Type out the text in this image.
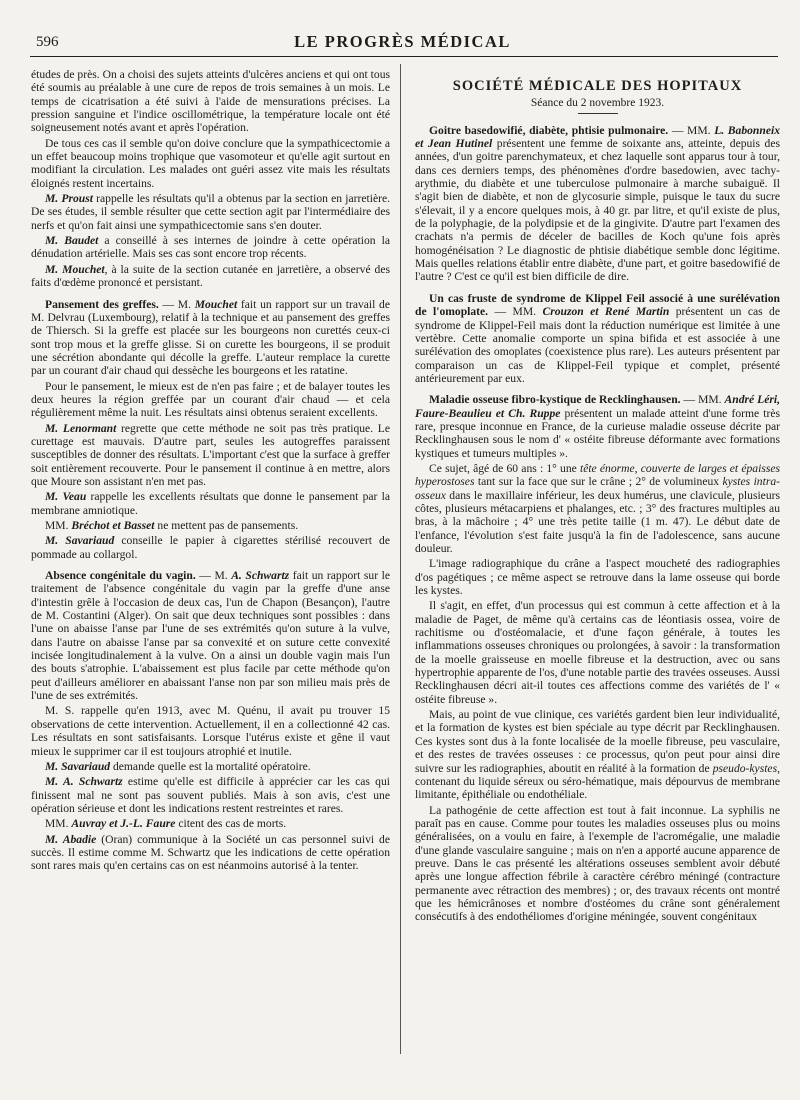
596	LE PROGRÈS MÉDICAL

études de près. On a choisi des sujets atteints d'ulcères anciens et qui ont tous été soumis au préalable à une cure de repos de trois semaines à un mois. Le temps de cicatrisation a été suivi à l'aide de mensurations précises. La pression sanguine et l'indice oscillométrique, la température locale ont été soigneusement notés avant et après l'opération.

De tous ces cas il semble qu'on doive conclure que la sympathicectomie a un effet beaucoup moins trophique que vasomoteur et qu'elle agit surtout en modifiant la circulation. Les malades ont guéri assez vite mais les résultats éloignés restent incertains.

M. Proust rappelle les résultats qu'il a obtenus par la section en jarretière. De ses études, il semble résulter que cette section agit par l'intermédiaire des nerfs et qu'on fait ainsi une sympathicectomie sans s'en douter.

M. Baudet a conseillé à ses internes de joindre à cette opération la dénudation artérielle. Mais ses cas sont encore trop récents.

M. Mouchet, à la suite de la section cutanée en jarretière, a observé des faits d'œdème prononcé et persistant.

Pansement des greffes. — M. Mouchet fait un rapport sur un travail de M. Delvrau (Luxembourg), relatif à la technique et au pansement des greffes de Thiersch. Si la greffe est placée sur les bourgeons non curettés ceux-ci sont trop mous et la greffe glisse. Si on curette les bourgeons, il se produit une sécrétion abondante qui décolle la greffe. L'auteur remplace la curette par un courant d'air chaud qui dessèche les bourgeons et les ratatine.

Pour le pansement, le mieux est de n'en pas faire ; et de balayer toutes les deux heures la région greffée par un courant d'air chaud — et cela régulièrement même la nuit. Les résultats ainsi obtenus seraient excellents.

M. Lenormant regrette que cette méthode ne soit pas très pratique. Le curettage est mauvais. D'autre part, seules les autogreffes paraissent susceptibles de donner des résultats. L'important c'est que la surface à greffer soit entièrement recouverte. Pour le pansement il continue à en mettre, alors que Moure son assistant n'en met pas.

M. Veau rappelle les excellents résultats que donne le pansement par la membrane amniotique.

MM. Bréchot et Basset ne mettent pas de pansements.

M. Savariaud conseille le papier à cigarettes stérilisé recouvert de pommade au collargol.

Absence congénitale du vagin. — M. A. Schwartz fait un rapport sur le traitement de l'absence congénitale du vagin par la greffe d'une anse d'intestin grêle à l'occasion de deux cas, l'un de Chapon (Besançon), l'autre de M. Costantini (Alger). On sait que deux techniques sont possibles : dans l'une on abaisse l'anse par l'une de ses extrémités qu'on suture à la vulve, dans l'autre on abaisse l'anse par sa convexité et on suture cette convexité incisée longitudinalement à la vulve. On a ainsi un double vagin mais l'un des bouts s'atrophie. L'abaissement est plus facile par cette méthode qu'on peut d'ailleurs améliorer en abaissant l'anse non par son milieu mais près de l'une de ses extrémités.

M. S. rappelle qu'en 1913, avec M. Quénu, il avait pu trouver 15 observations de cette intervention. Actuellement, il en a collectionné 42 cas. Les résultats en sont satisfaisants. Lorsque l'utérus existe et gêne il vaut mieux le supprimer car il est toujours atrophié et inutile.

M. Savariaud demande quelle est la mortalité opératoire.

M. A. Schwartz estime qu'elle est difficile à apprécier car les cas qui finissent mal ne sont pas souvent publiés. Mais à son avis, c'est une opération sérieuse et dont les indications restent restreintes et rares.

MM. Auvray et J.-L. Faure citent des cas de morts.

M. Abadie (Oran) communique à la Société un cas personnel suivi de succès. Il estime comme M. Schwartz que les indications de cette opération sont rares mais qu'en certains cas on est néanmoins autorisé à la tenter.

SOCIÉTÉ MÉDICALE DES HOPITAUX

Séance du 2 novembre 1923.

Goitre basedowifié, diabète, phtisie pulmonaire. — MM. L. Babonneix et Jean Hutinel présentent une femme de soixante ans, atteinte, depuis des années, d'un goitre parenchymateux, et chez laquelle sont apparus tour à tour, dans ces derniers temps, des phénomènes d'ordre basedowien, avec tachy-arythmie, du diabète et une tuberculose pulmonaire à marche subaiguë. Il s'agit bien de diabète, et non de glycosurie simple, puisque le taux du sucre s'élevait, il y a encore quelques mois, à 40 gr. par litre, et qu'il existe de plus, de la polyphagie, de la polydipsie et de la gingivite. D'autre part l'examen des crachats n'a permis de déceler de bacilles de Koch qu'une fois après homogénéisation ? Le diagnostic de phtisie diabétique semble donc légitime. Mais quelles relations établir entre diabète, d'une part, et goitre basedowifié de l'autre ? C'est ce qu'il est bien difficile de dire.

Un cas fruste de syndrome de Klippel Feil associé à une surélévation de l'omoplate. — MM. Crouzon et René Martin présentent un cas de syndrome de Klippel-Feil mais dont la réduction numérique est limitée à une vertèbre. Cette anomalie comporte un spina bifida et est associée à une surélévation des omoplates (coexistence plus rare). Les auteurs présentent par comparaison un cas de Klippel-Feil typique et complet, présenté antérieurement par eux.

Maladie osseuse fibro-kystique de Recklinghausen. — MM. André Léri, Faure-Beaulieu et Ch. Ruppe présentent un malade atteint d'une forme très rare, presque inconnue en France, de la curieuse maladie osseuse décrite par Recklinghausen sous le nom d' « ostéite fibreuse déformante avec formations kystiques et tumeurs multiples ».

Ce sujet, âgé de 60 ans : 1° une tête énorme, couverte de larges et épaisses hyperostoses tant sur la face que sur le crâne ; 2° de volumineux kystes intra-osseux dans le maxillaire inférieur, les deux humérus, une clavicule, plusieurs côtes, plusieurs métacarpiens et phalanges, etc. ; 3° des fractures multiples au bras, à la mâchoire ; 4° une très petite taille (1 m. 47). Le début date de l'enfance, l'évolution s'est faite jusqu'à la fin de l'adolescence, sans aucune douleur.

L'image radiographique du crâne a l'aspect moucheté des radiographies d'os pagétiques ; ce même aspect se retrouve dans la lame osseuse qui borde les kystes.

Il s'agit, en effet, d'un processus qui est commun à cette affection et à la maladie de Paget, de même qu'à certains cas de léontiasis ossea, voire de rachitisme ou d'ostéomalacie, et d'une façon générale, à toutes les inflammations osseuses chroniques ou prolongées, à savoir : la transformation de la moelle graisseuse en moelle fibreuse et la destruction, avec ou sans hypertrophie apparente de l'os, d'une notable partie des travées osseuses. Aussi Recklinghausen décri ait-il toutes ces affections comme des variétés de l' « ostéite fibreuse ».

Mais, au point de vue clinique, ces variétés gardent bien leur individualité, et la formation de kystes est bien spéciale au type décrit par Recklinghausen. Ces kystes sont dus à la fonte localisée de la moelle fibreuse, peu vasculaire, et des restes de travées osseuses : ce processus, qu'on peut pour ainsi dire suivre sur les radiographies, aboutit en réalité à la formation de pseudo-kystes, contenant du liquide séreux ou séro-hématique, mais dépourvus de membrane limitante, épithéliale ou endothéliale.

La pathogénie de cette affection est tout à fait inconnue. La syphilis ne paraît pas en cause. Comme pour toutes les maladies osseuses plus ou moins généralisées, on a voulu en faire, à l'exemple de l'acromégalie, une maladie d'une glande vasculaire sanguine ; mais on n'en a apporté aucune apparence de preuve. Dans le cas présenté les altérations osseuses semblent avoir débuté après une longue affection fébrile à caractère cérébro méningé (contracture permanente avec rétraction des membres) ; or, des travaux récents ont montré que les hémicrânoses et nombre d'ostéomes du crâne sont généralement consécutifs à des endothéliomes d'origine méningée, souvent congénitaux
